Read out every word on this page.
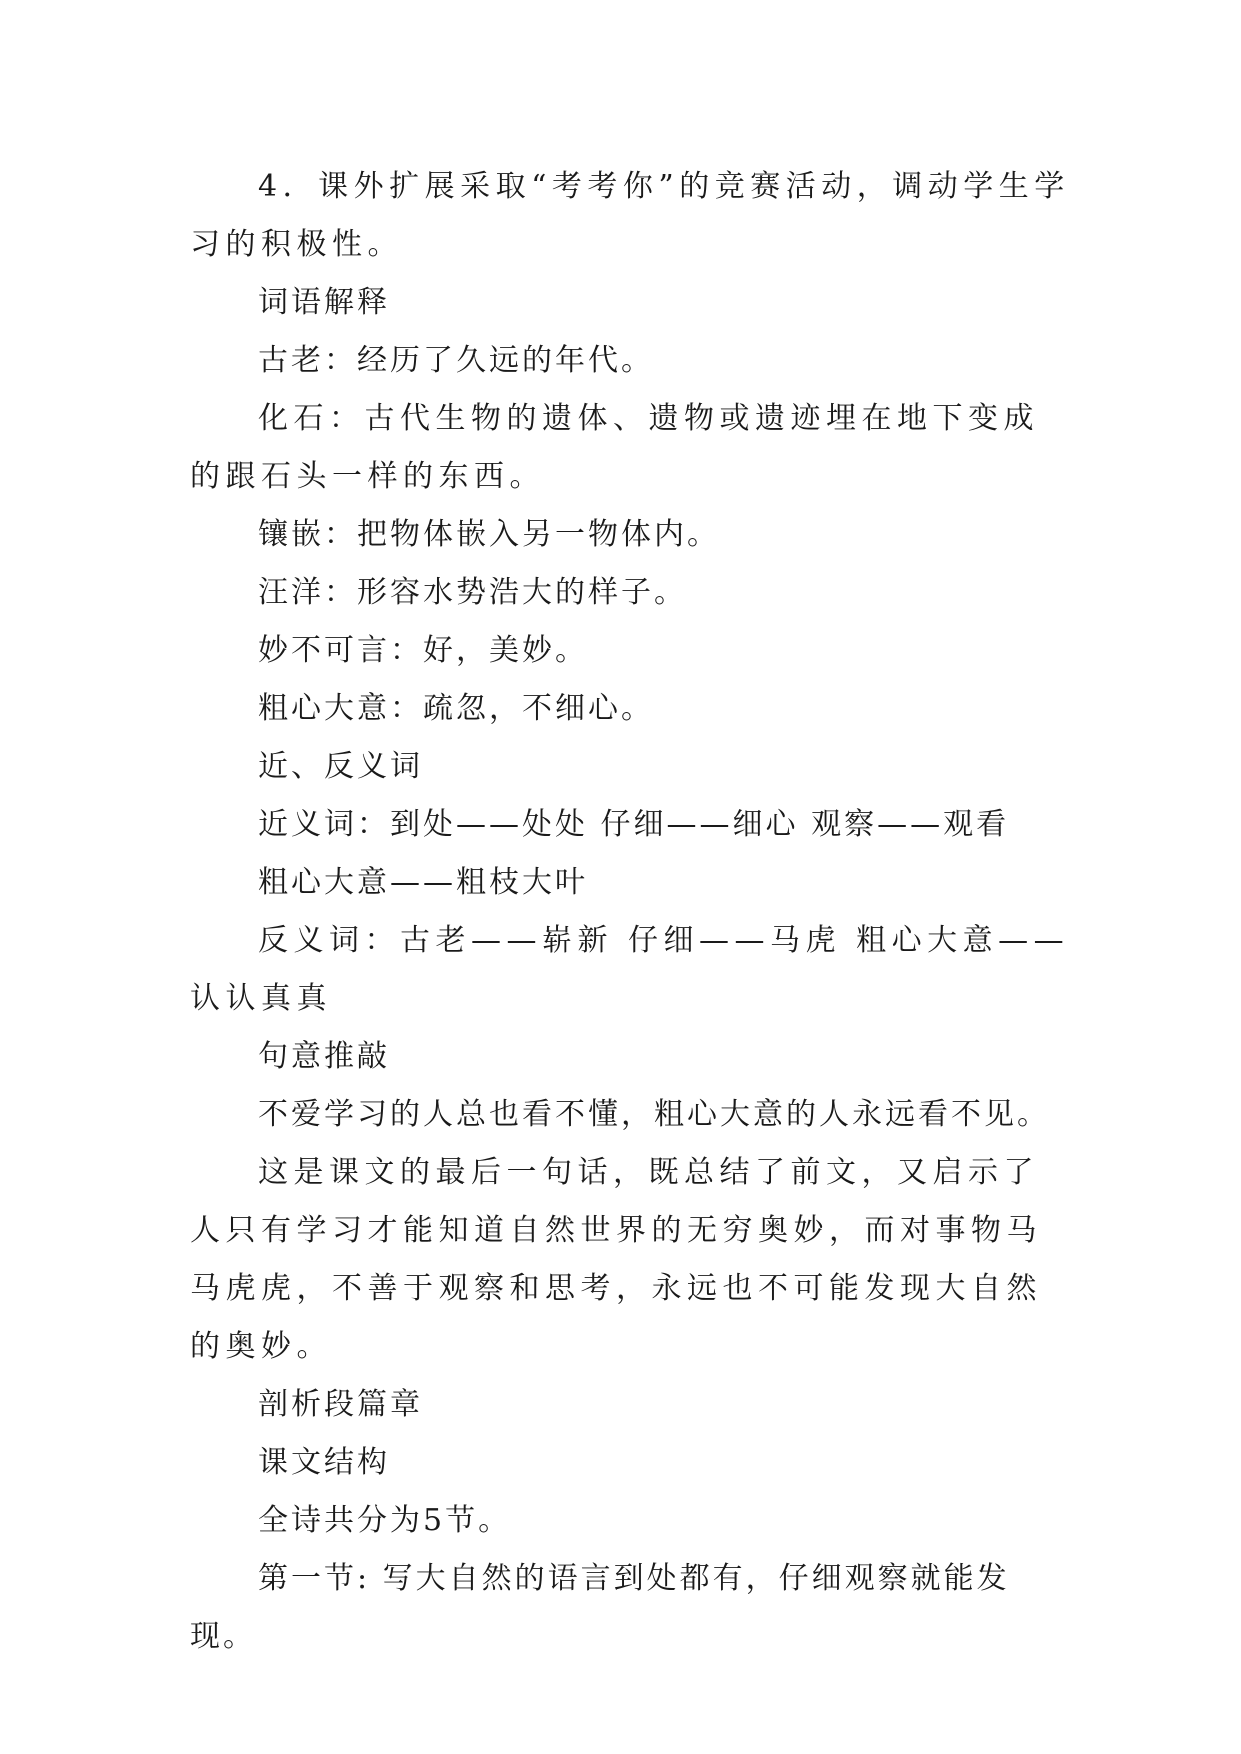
4．课外扩展采取“考考你”的竞赛活动，调动学生学习的积极性。

词语解释

古老：经历了久远的年代。

化石：古代生物的遗体、遗物或遗迹埋在地下变成的跟石头一样的东西。

镶嵌：把物体嵌入另一物体内。

汪洋：形容水势浩大的样子。

妙不可言：好，美妙。

粗心大意：疏忽，不细心。

近、反义词

近义词：到处——处处 仔细——细心 观察——观看

粗心大意——粗枝大叶

反义词：古老——崭新 仔细——马虎 粗心大意——认认真真

句意推敲

不爱学习的人总也看不懂，粗心大意的人永远看不见。

这是课文的最后一句话，既总结了前文，又启示了人只有学习才能知道自然世界的无穷奥妙，而对事物马马虎虎，不善于观察和思考，永远也不可能发现大自然的奥妙。

剖析段篇章

课文结构

全诗共分为5节。

第一节: 写大自然的语言到处都有，仔细观察就能发现。
